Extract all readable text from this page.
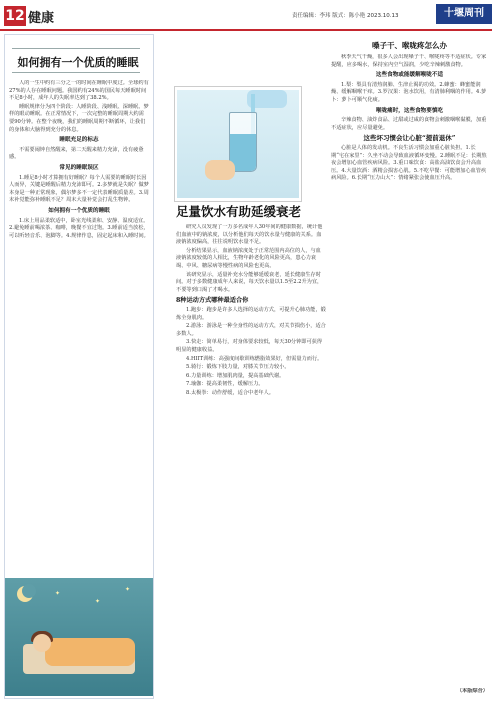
12 健康	责任编辑：李玮 版式：陈小艳 2023.10.13	十堰周刊
如何拥有一个优质的睡眠

人的一生中约有三分之一的时间在睡眠中度过。全球约有27%的人存在睡眠问题。我国约有24%的国民每天睡眠时间不足8小时，成年人的失眠率达到了38.2%。

睡眠规律分为四个阶段：人睡阶段、浅睡眠、深睡眠、梦样的眼动睡眠。在正常情况下，一次完整的睡眠周期大约需要90分钟。在整个夜晚，我们的睡眠周期不断循环，让我们的身体和大脑得到充分的休息。

睡眠充足的标志

不需要闹钟自然醒来，第二天醒来精力充沛，没有疲惫感。

常见的睡眠误区

1.睡足8小时才算拥有好睡眠？每个人需要的睡眠时长因人而异，关键是睡醒后精力充沛即可。2.多梦就是失眠？做梦本身是一种正常现象，偶尔梦多不一定代表睡眠质量差。3.周末补觉能弥补睡眠不足？周末大量补觉会打乱生物钟。

如何拥有一个优质的睡眠

1.床上用品柔软适中，卧室光线柔和、安静、温度适宜。2.避免睡前喝浓茶、咖啡，晚餐不宜过饱。3.睡前适当放松，可以听轻音乐、泡脚等。4.规律作息，固定起床和入睡时间。

✦
✦
✦
足量饮水有助延缓衰老

研究人员发现了一万多名成年人30年间的健康数据，统计他们血液中的钠浓度，以分析他们每天的饮水量与健康的关系。血液钠浓度偏高，往往说明饮水量不足。

分析结果显示，血液钠浓度处于正常范围内高位的人，与血液钠浓度较低的人相比，生物年龄老化的风险更高，患心力衰竭、中风、糖尿病等慢性病的风险也更高。

该研究显示，适量补充水分能够延缓衰老，延长健康生存时间。对于多数健康成年人来说，每天饮水量以1.5至2.2升为宜，不要等到口渴了才喝水。

8种运动方式哪种最适合你

1.跑步：跑步是许多人选择的运动方式，可提升心肺功能，锻炼全身肌肉。

2.游泳：游泳是一种全身性的运动方式，对关节损伤小，适合多数人。

3.快走：简单易行，对身体要求较低，每天30分钟即可获得明显的健康收益。

4.HIIT训练：高强度间歇训练燃脂效果好，但需量力而行。

5.骑行：锻炼下肢力量，对膝关节压力较小。

6.力量训练：增加肌肉量，提高基础代谢。

7.瑜伽：提高柔韧性，缓解压力。

8.太极拳：动作舒缓，适合中老年人。

嗓子干、喉咙疼怎么办

秋季天气干燥，很多人会出现嗓子干、喉咙疼等不适症状。专家提醒，应多喝水，保持室内空气湿润，少吃辛辣刺激食物。

这些食物或能缓解喉咙不适

1.梨：梨具有清热润肺、生津止渴的功效。2.蜂蜜：蜂蜜能润燥、缓解咽喉干痒。3.罗汉果：泡水饮用，有清肺利咽的作用。4.萝卜：萝卜可顺气化痰。

喉咙痛时，这些食物要慎吃

辛辣食物、油炸食品、过甜或过咸的食物会刺激咽喉黏膜，加重不适症状，应尽量避免。

这些坏习惯会让心脏“提前退休”

心脏是人体的发动机。不良生活习惯会加重心脏负担。1.长期“宅在家里”：久坐不动会导致血液循环变慢。2.睡眠不足：长期熬夜会增加心血管疾病风险。3.重口味饮食：高盐高油饮食会升高血压。4.大量饮酒：酒精会损害心肌。5.不吃早餐：可能增加心血管疾病风险。6.长期“压力山大”：情绪紧张会使血压升高。

（本版综合）
